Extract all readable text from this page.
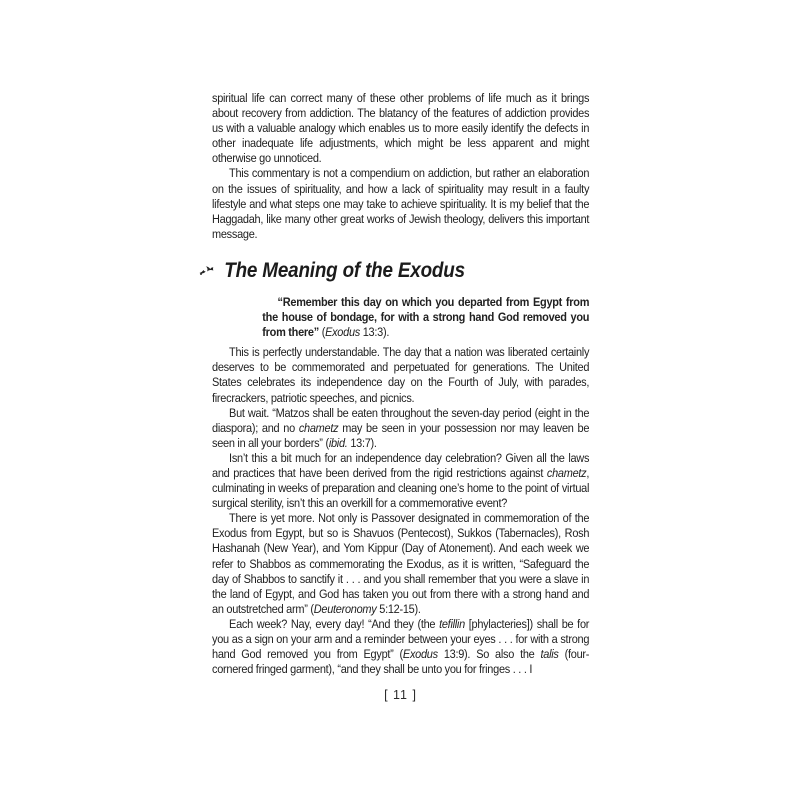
spiritual life can correct many of these other problems of life much as it brings about recovery from addiction. The blatancy of the features of addiction provides us with a valuable analogy which enables us to more easily identify the defects in other inadequate life adjustments, which might be less apparent and might otherwise go unnoticed.

This commentary is not a compendium on addiction, but rather an elaboration on the issues of spirituality, and how a lack of spirituality may result in a faulty lifestyle and what steps one may take to achieve spirituality. It is my belief that the Haggadah, like many other great works of Jewish theology, delivers this important message.

The Meaning of the Exodus

“Remember this day on which you departed from Egypt from the house of bondage, for with a strong hand God removed you from there” (Exodus 13:3).

This is perfectly understandable. The day that a nation was liberated certainly deserves to be commemorated and perpetuated for generations. The United States celebrates its independence day on the Fourth of July, with parades, firecrackers, patriotic speeches, and picnics.

But wait. “Matzos shall be eaten throughout the seven-day period (eight in the diaspora); and no chametz may be seen in your possession nor may leaven be seen in all your borders” (ibid. 13:7).

Isn’t this a bit much for an independence day celebration? Given all the laws and practices that have been derived from the rigid restrictions against chametz, culminating in weeks of preparation and cleaning one’s home to the point of virtual surgical sterility, isn’t this an overkill for a commemorative event?

There is yet more. Not only is Passover designated in commemoration of the Exodus from Egypt, but so is Shavuos (Pentecost), Sukkos (Tabernacles), Rosh Hashanah (New Year), and Yom Kippur (Day of Atonement). And each week we refer to Shabbos as commemorating the Exodus, as it is written, “Safeguard the day of Shabbos to sanctify it . . . and you shall remember that you were a slave in the land of Egypt, and God has taken you out from there with a strong hand and an outstretched arm” (Deuteronomy 5:12-15).

Each week? Nay, every day! “And they (the tefillin [phylacteries]) shall be for you as a sign on your arm and a reminder between your eyes . . . for with a strong hand God removed you from Egypt” (Exodus 13:9). So also the talis (four-cornered fringed garment), “and they shall be unto you for fringes . . . I

[ 11 ]
